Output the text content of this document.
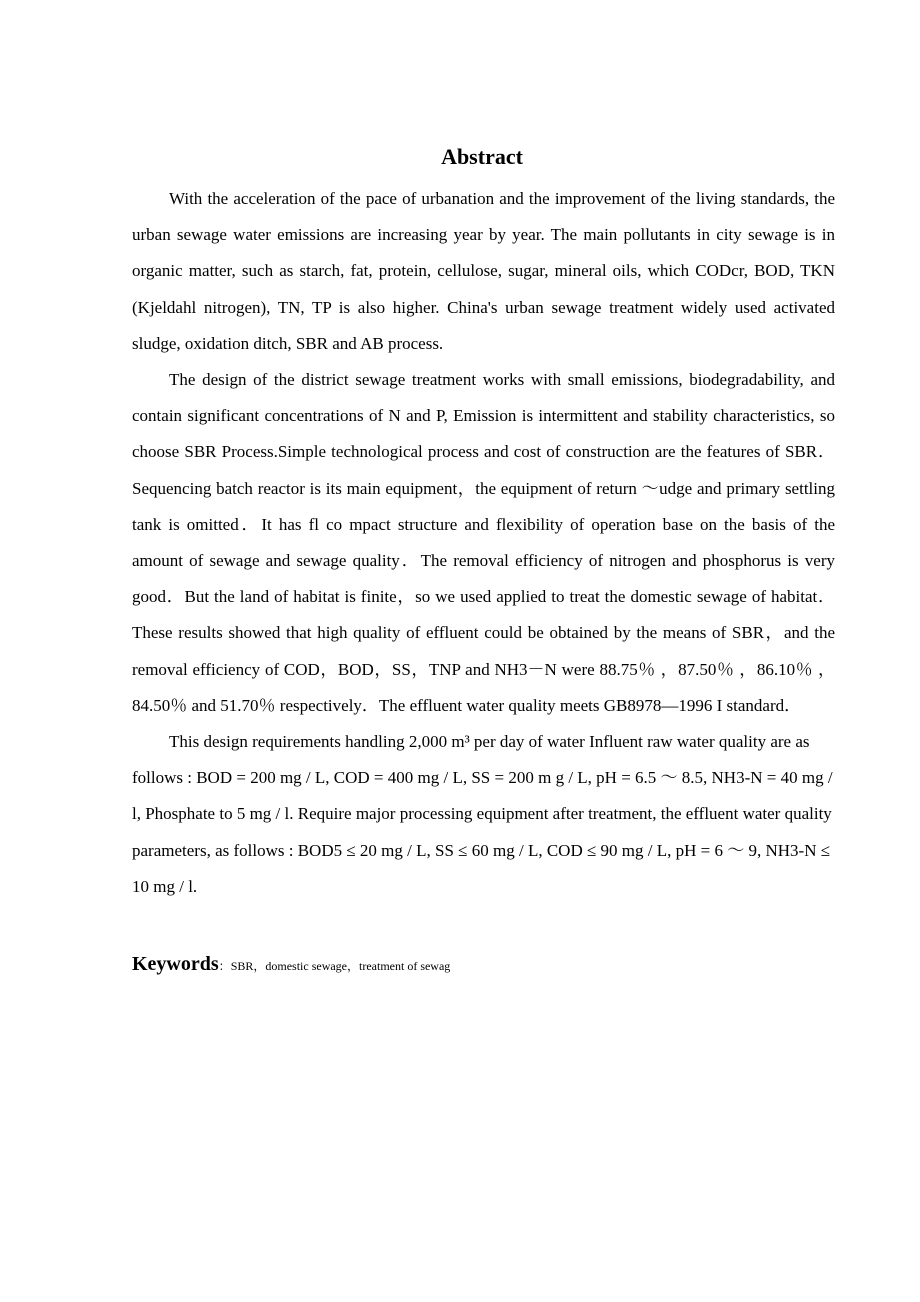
Abstract

With the acceleration of the pace of urbanation and the improvement of the living standards, the urban sewage water emissions are increasing year by year. The main pollutants in city sewage is in organic matter, such as starch, fat, protein, cellulose, sugar, mineral oils, which CODcr, BOD, TKN (Kjeldahl nitrogen), TN, TP is also higher. China's urban sewage treatment widely used activated sludge, oxidation ditch, SBR and AB process.

The design of the district sewage treatment works with small emissions, biodegradability, and contain significant concentrations of N and P, Emission is intermittent and stability characteristics, so choose SBR Process.Simple technological process and cost of construction are the features of SBR．Sequencing batch reactor is its main equipment，the equipment of return ～udge and primary settling tank is omitted．It has fl co mpact structure and flexibility of operation base on the basis of the amount of sewage and sewage quality．The removal efficiency of nitrogen and phosphorus is very good．But the land of habitat is finite，so we used applied to treat the domestic sewage of habitat．These results showed that high quality of effluent could be obtained by the means of SBR，and the removal efficiency of COD，BOD，SS，TNP and NH3－N were 88.75％ ，87.50％ ，86.10％ ，84.50％ and 51.70％ respectively．The effluent water quality meets GB8978—1996 I standard．

This design requirements handling 2,000 m³ per day of water Influent raw water quality are as follows : BOD = 200 mg / L, COD = 400 mg / L, SS = 200 m g / L, pH = 6.5 ～ 8.5, NH3-N = 40 mg / l, Phosphate to 5 mg / l. Require major processing equipment after treatment, the effluent water quality parameters, as follows : BOD5 ≤ 20 mg / L, SS ≤ 60 mg / L, COD ≤ 90 mg / L, pH = 6 ～ 9, NH3-N ≤ 10 mg / l.

Keywords：SBR，domestic sewage，treatment of sewag
